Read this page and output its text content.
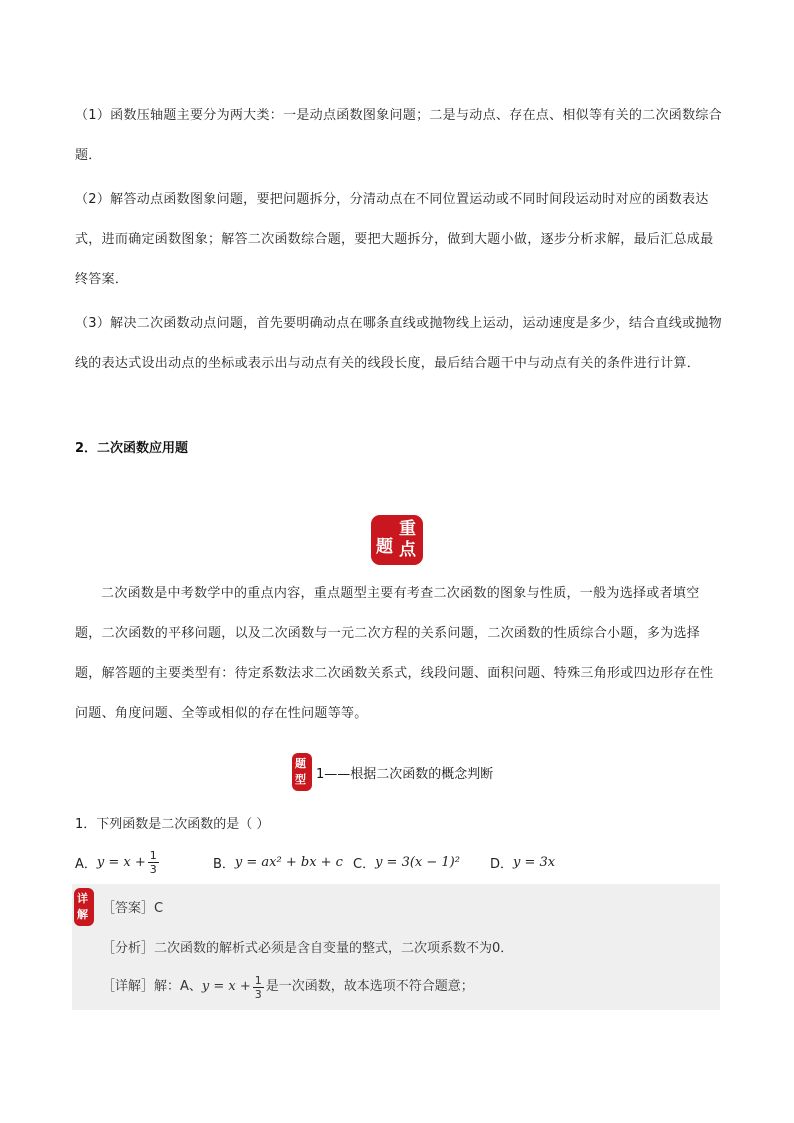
（1）函数压轴题主要分为两大类：一是动点函数图象问题；二是与动点、存在点、相似等有关的二次函数综合题．
（2）解答动点函数图象问题，要把问题拆分，分清动点在不同位置运动或不同时间段运动时对应的函数表达式，进而确定函数图象；解答二次函数综合题，要把大题拆分，做到大题小做，逐步分析求解，最后汇总成最终答案．
（3）解决二次函数动点问题，首先要明确动点在哪条直线或抛物线上运动，运动速度是多少，结合直线或抛物线的表达式设出动点的坐标或表示出与动点有关的线段长度，最后结合题干中与动点有关的条件进行计算．
2．二次函数应用题
题
重
点
二次函数是中考数学中的重点内容，重点题型主要有考查二次函数的图象与性质，一般为选择或者填空题，二次函数的平移问题，以及二次函数与一元二次方程的关系问题，二次函数的性质综合小题，多为选择题，解答题的主要类型有：待定系数法求二次函数关系式，线段问题、面积问题、特殊三角形或四边形存在性问题、角度问题、全等或相似的存在性问题等等。
题
型 1——根据二次函数的概念判断
1．下列函数是二次函数的是（ ）
A． $y = x + \frac{1}{3}$	B． y = ax² + bx + c C． y = 3(x − 1)² D． y = 3x
详
解 ［答案］C
［分析］二次函数的解析式必须是含自变量的整式，二次项系数不为0．
［详解］解：A、 $y = x + \frac{1}{3}$ 是一次函数，故本选项不符合题意；
